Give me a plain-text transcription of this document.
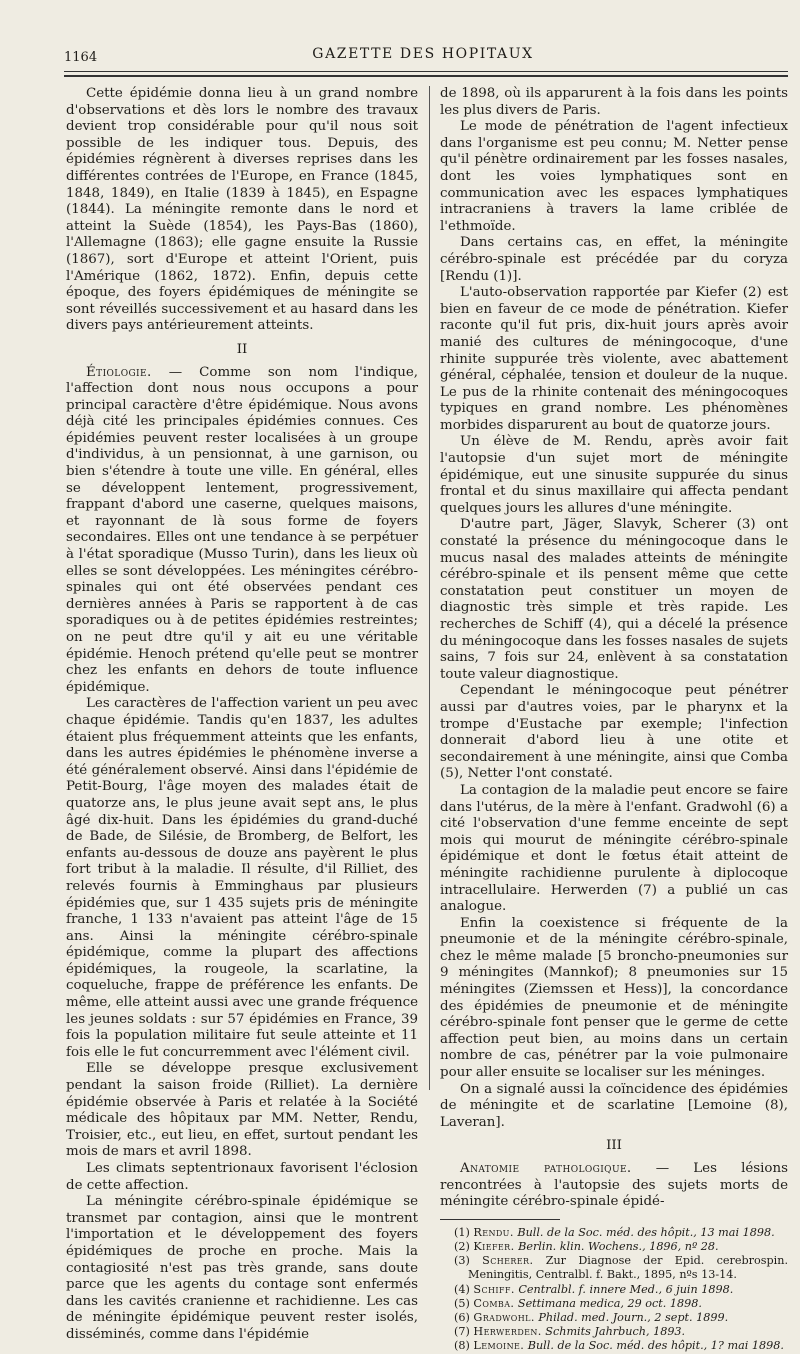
1164	GAZETTE DES HOPITAUX

Cette épidémie donna lieu à un grand nombre d'observations et dès lors le nombre des travaux devient trop considérable pour qu'il nous soit possible de les indiquer tous. Depuis, des épidémies régnèrent à diverses reprises dans les différentes contrées de l'Europe, en France (1845, 1848, 1849), en Italie (1839 à 1845), en Espagne (1844). La méningite remonte dans le nord et atteint la Suède (1854), les Pays-Bas (1860), l'Allemagne (1863); elle gagne ensuite la Russie (1867), sort d'Europe et atteint l'Orient, puis l'Amérique (1862, 1872). Enfin, depuis cette époque, des foyers épidémiques de méningite se sont réveillés successivement et au hasard dans les divers pays antérieurement atteints.

II

Étiologie. — Comme son nom l'indique, l'affection dont nous nous occupons a pour principal caractère d'être épidémique. Nous avons déjà cité les principales épidémies connues. Ces épidémies peuvent rester localisées à un groupe d'individus, à un pensionnat, à une garnison, ou bien s'étendre à toute une ville. En général, elles se développent lentement, progressivement, frappant d'abord une caserne, quelques maisons, et rayonnant de là sous forme de foyers secondaires. Elles ont une tendance à se perpétuer à l'état sporadique (Musso Turin), dans les lieux où elles se sont développées. Les méningites cérébro-spinales qui ont été observées pendant ces dernières années à Paris se rapportent à de cas sporadiques ou à de petites épidémies restreintes; on ne peut dtre qu'il y ait eu une véritable épidémie. Henoch prétend qu'elle peut se montrer chez les enfants en dehors de toute influence épidémique.

Les caractères de l'affection varient un peu avec chaque épidémie. Tandis qu'en 1837, les adultes étaient plus fréquemment atteints que les enfants, dans les autres épidémies le phénomène inverse a été généralement observé. Ainsi dans l'épidémie de Petit-Bourg, l'âge moyen des malades était de quatorze ans, le plus jeune avait sept ans, le plus âgé dix-huit. Dans les épidémies du grand-duché de Bade, de Silésie, de Bromberg, de Belfort, les enfants au-dessous de douze ans payèrent le plus fort tribut à la maladie. Il résulte, d'il Rilliet, des relevés fournis à Emminghaus par plusieurs épidémies que, sur 1 435 sujets pris de méningite franche, 1 133 n'avaient pas atteint l'âge de 15 ans. Ainsi la méningite cérébro-spinale épidémique, comme la plupart des affections épidémiques, la rougeole, la scarlatine, la coqueluche, frappe de préférence les enfants. De même, elle atteint aussi avec une grande fréquence les jeunes soldats : sur 57 épidémies en France, 39 fois la population militaire fut seule atteinte et 11 fois elle le fut concurremment avec l'élément civil.

Elle se développe presque exclusivement pendant la saison froide (Rilliet). La dernière épidémie observée à Paris et relatée à la Société médicale des hôpitaux par MM. Netter, Rendu, Troisier, etc., eut lieu, en effet, surtout pendant les mois de mars et avril 1898.

Les climats septentrionaux favorisent l'éclosion de cette affection.

La méningite cérébro-spinale épidémique se transmet par contagion, ainsi que le montrent l'importation et le développement des foyers épidémiques de proche en proche. Mais la contagiosité n'est pas très grande, sans doute parce que les agents du contage sont enfermés dans les cavités cranienne et rachidienne. Les cas de méningite épidémique peuvent rester isolés, disséminés, comme dans l'épidémie

de 1898, où ils apparurent à la fois dans les points les plus divers de Paris.

Le mode de pénétration de l'agent infectieux dans l'organisme est peu connu; M. Netter pense qu'il pénètre ordinairement par les fosses nasales, dont les voies lymphatiques sont en communication avec les espaces lymphatiques intracraniens à travers la lame criblée de l'ethmoïde.

Dans certains cas, en effet, la méningite cérébro-spinale est précédée par du coryza [Rendu (1)].

L'auto-observation rapportée par Kiefer (2) est bien en faveur de ce mode de pénétration. Kiefer raconte qu'il fut pris, dix-huit jours après avoir manié des cultures de méningocoque, d'une rhinite suppurée très violente, avec abattement général, céphalée, tension et douleur de la nuque. Le pus de la rhinite contenait des méningocoques typiques en grand nombre. Les phénomènes morbides disparurent au bout de quatorze jours.

Un élève de M. Rendu, après avoir fait l'autopsie d'un sujet mort de méningite épidémique, eut une sinusite suppurée du sinus frontal et du sinus maxillaire qui affecta pendant quelques jours les allures d'une méningite.

D'autre part, Jäger, Slavyk, Scherer (3) ont constaté la présence du méningocoque dans le mucus nasal des malades atteints de méningite cérébro-spinale et ils pensent même que cette constatation peut constituer un moyen de diagnostic très simple et très rapide. Les recherches de Schiff (4), qui a décelé la présence du méningocoque dans les fosses nasales de sujets sains, 7 fois sur 24, enlèvent à sa constatation toute valeur diagnostique.

Cependant le méningocoque peut pénétrer aussi par d'autres voies, par le pharynx et la trompe d'Eustache par exemple; l'infection donnerait d'abord lieu à une otite et secondairement à une méningite, ainsi que Comba (5), Netter l'ont constaté.

La contagion de la maladie peut encore se faire dans l'utérus, de la mère à l'enfant. Gradwohl (6) a cité l'observation d'une femme enceinte de sept mois qui mourut de méningite cérébro-spinale épidémique et dont le fœtus était atteint de méningite rachidienne purulente à diplocoque intracellulaire. Herwerden (7) a publié un cas analogue.

Enfin la coexistence si fréquente de la pneumonie et de la méningite cérébro-spinale, chez le même malade [5 broncho-pneumonies sur 9 méningites (Mannkof); 8 pneumonies sur 15 méningites (Ziemssen et Hess)], la concordance des épidémies de pneumonie et de méningite cérébro-spinale font penser que le germe de cette affection peut bien, au moins dans un certain nombre de cas, pénétrer par la voie pulmonaire pour aller ensuite se localiser sur les méninges.

On a signalé aussi la coïncidence des épidémies de méningite et de scarlatine [Lemoine (8), Laveran].

III

Anatomie pathologique. — Les lésions rencontrées à l'autopsie des sujets morts de méningite cérébro-spinale épidé-

(1) Rendu. Bull. de la Soc. méd. des hôpit., 13 mai 1898.
(2) Kiefer. Berlin. klin. Wochens., 1896, nº 28.
(3) Scherer. Zur Diagnose der Epid. cerebrospin. Meningitis, Centralbl. f. Bakt., 1895, nºs 13-14.
(4) Schiff. Centralbl. f. innere Med., 6 juin 1898.
(5) Comba. Settimana medica, 29 oct. 1898.
(6) Gradwohl. Philad. med. Journ., 2 sept. 1899.
(7) Herwerden. Schmits Jahrbuch, 1893.
(8) Lemoine. Bull. de la Soc. méd. des hôpit., 1? mai 1898.
